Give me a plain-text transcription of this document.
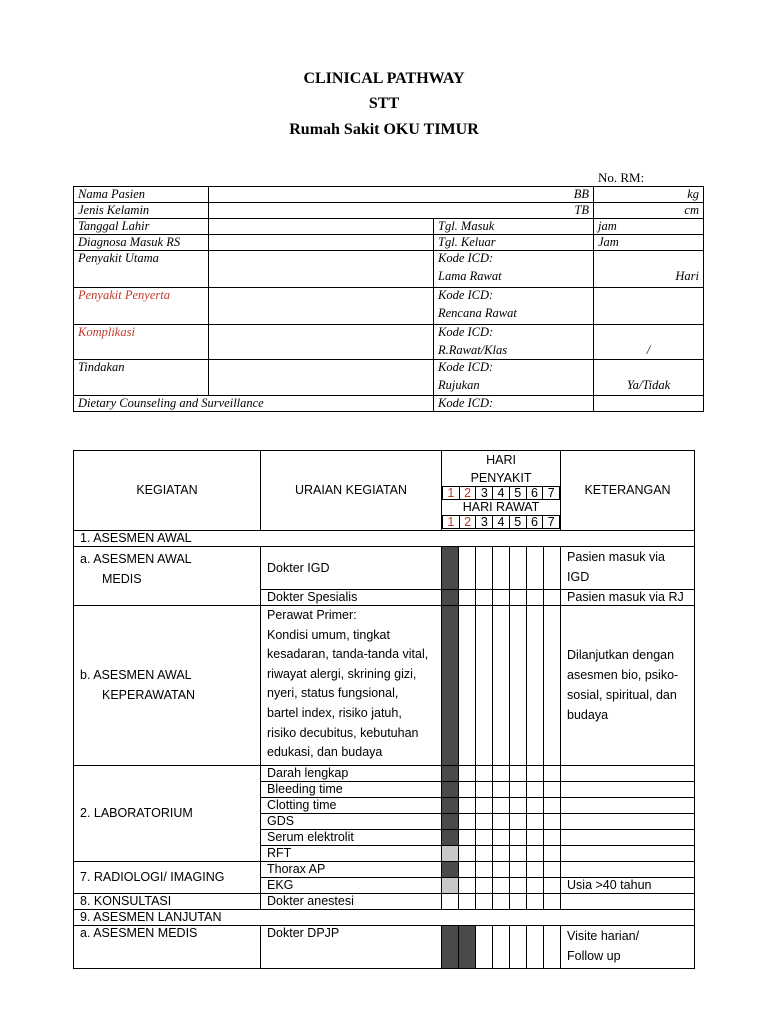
CLINICAL PATHWAY
STT
Rumah Sakit OKU TIMUR
No. RM:
Nama Pasien	BB		kg
Jenis Kelamin	TB		cm
Tanggal Lahir		Tgl. Masuk	jam
Diagnosa Masuk RS		Tgl. Keluar	Jam
Penyakit Utama		Kode ICD:
Lama Rawat	Hari

Penyakit Penyerta		Kode ICD:
Rencana Rawat	

Komplikasi		Kode ICD:
R.Rawat/Klas	/

Tindakan		Kode ICD:
Rujukan	Ya/Tidak

Dietary Counseling and Surveillance		Kode ICD:	
KEGIATAN	URAIAN KEGIATAN	
HARI
PENYAKIT
1	2	3	4	5	6	7
HARI RAWAT
1	2	3	4	5	6	7
	KETERANGAN
1. ASESMEN AWAL
a. ASESMEN AWAL
MEDIS	Dokter IGD								Pasien masuk via
IGD
Dokter Spesialis								Pasien masuk via RJ
b. ASESMEN AWAL
KEPERAWATAN	Perawat Primer:
Kondisi umum, tingkat
kesadaran, tanda-tanda vital,
riwayat alergi, skrining gizi,
nyeri, status fungsional,
bartel index, risiko jatuh,
risiko decubitus, kebutuhan
edukasi, dan budaya								Dilanjutkan dengan
asesmen bio, psiko-
sosial, spiritual, dan
budaya
2. LABORATORIUM	Darah lengkap								
Bleeding time								
Clotting time								
GDS								
Serum elektrolit								
RFT								
7. RADIOLOGI/ IMAGING	Thorax AP								
EKG								Usia >40 tahun
8. KONSULTASI	Dokter anestesi								
9. ASESMEN LANJUTAN
a. ASESMEN MEDIS	Dokter DPJP								Visite harian/
Follow up
